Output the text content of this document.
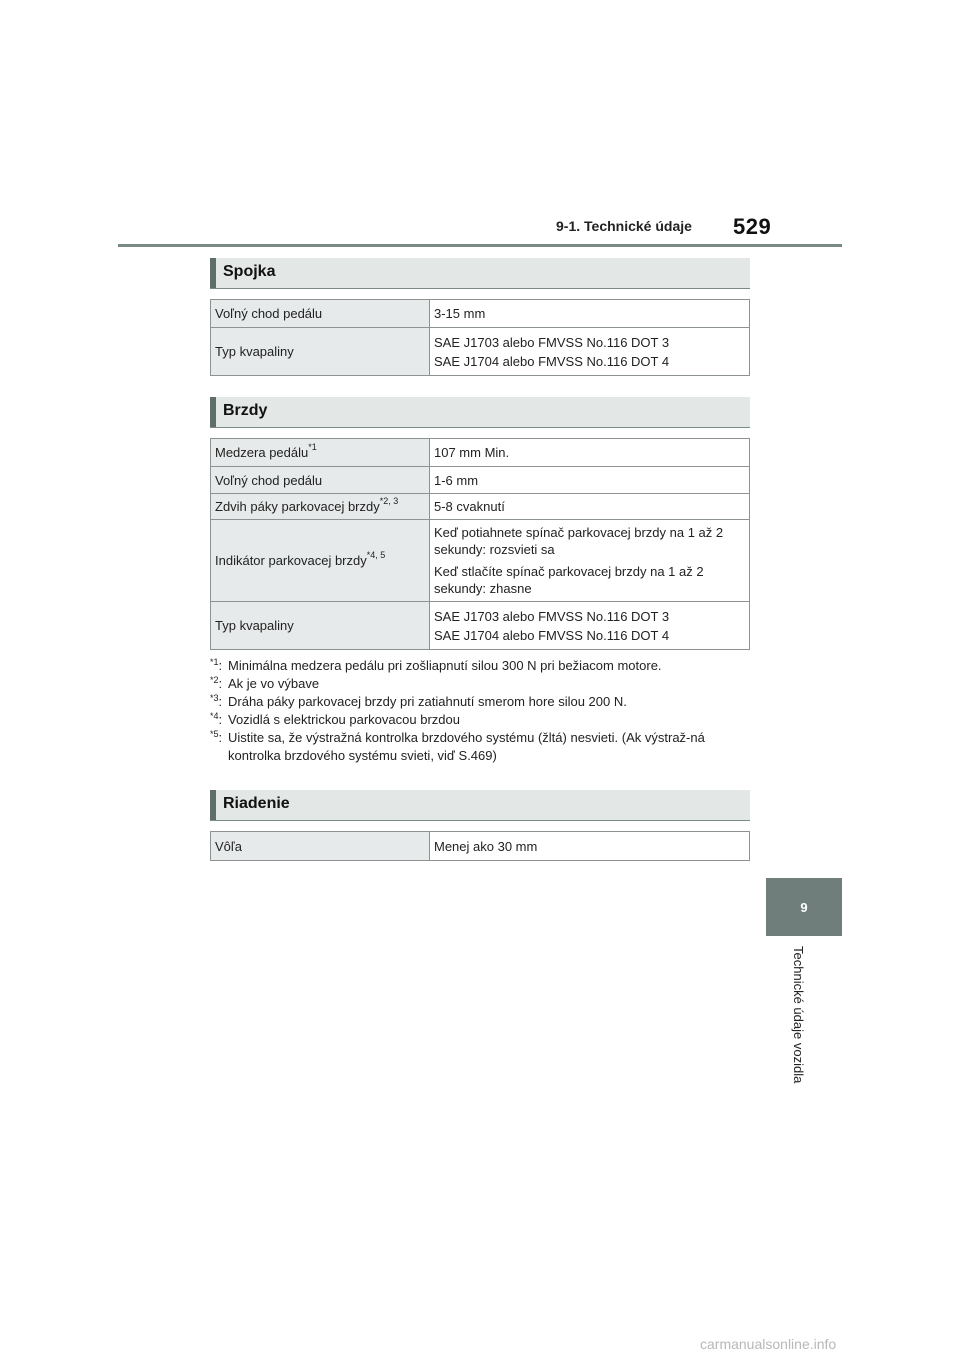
9-1. Technické údaje 529
9
Technické údaje vozidla
Spojka
Voľný chod pedálu	3-15 mm

Typ kvapaliny	SAE J1703 alebo FMVSS No.116 DOT 3
SAE J1704 alebo FMVSS No.116 DOT 4
Brzdy
Medzera pedálu$^{*1}$	107 mm Min.

Voľný chod pedálu	1-6 mm

Zdvih páky parkovacej brzdy$^{*2, 3}$	5-8 cvaknutí

Indikátor parkovacej brzdy$^{*4, 5}$	Keď potiahnete spínač parkovacej brzdy na 1 až 2 sekundy: rozsvieti sa
Keď stlačíte spínač parkovacej brzdy na 1 až 2 sekundy: zhasne

Typ kvapaliny	SAE J1703 alebo FMVSS No.116 DOT 3
SAE J1704 alebo FMVSS No.116 DOT 4
$^{*1}$: Minimálna medzera pedálu pri zošliapnutí silou 300 N pri bežiacom motore.
$^{*2}$: Ak je vo výbave
$^{*3}$: Dráha páky parkovacej brzdy pri zatiahnutí smerom hore silou 200 N.
$^{*4}$: Vozidlá s elektrickou parkovacou brzdou
$^{*5}$: Uistite sa, že výstražná kontrolka brzdového systému (žltá) nesvieti. (Ak výstraž-ná kontrolka brzdového systému svieti, viď S.469)
Riadenie
Vôľa	Menej ako 30 mm
carmanualsonline.info
